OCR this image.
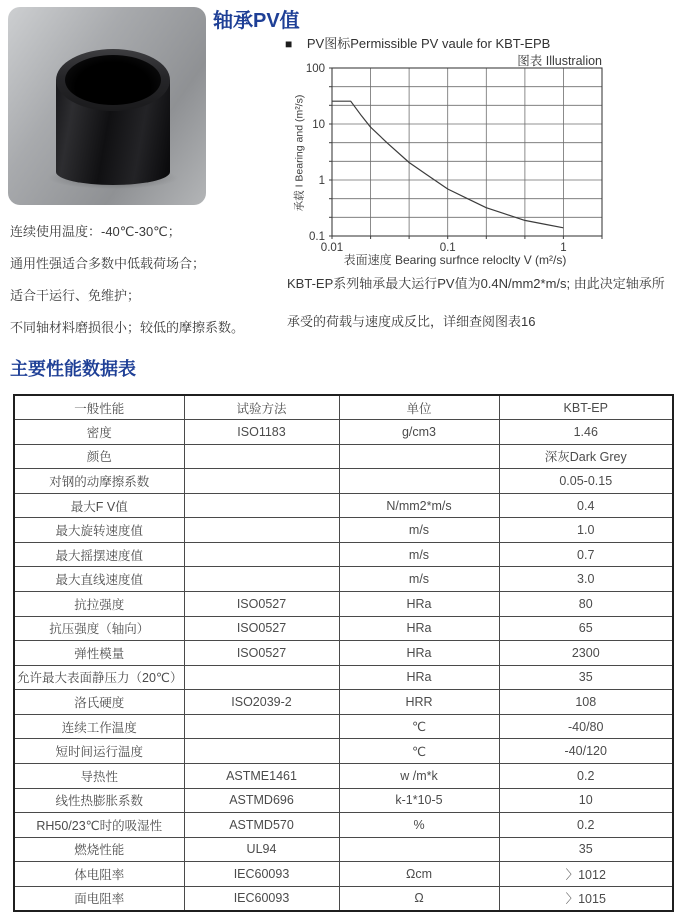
轴承PV值
■ PV图标Permissible PV vaule for KBT-EPB
图表 Illustralion
0.01	0.1	1
100
10
1
0.1
承载 I Bearing and (m²/s)
表面速度 Bearing surfnce reloclty V (m²/s)
KBT-EP系列轴承最大运行PV值为0.4N/mm2*m/s; 由此决定轴承所
承受的荷载与速度成反比，详细查阅图表16
连续使用温度：-40℃-30℃；
通用性强适合多数中低载荷场合；
适合干运行、免维护；
不同轴材料磨损很小；较低的摩擦系数。
主要性能数据表
一般性能	试验方法	单位	KBT-EP
密度	ISO1183	g/cm3	1.46
颜色			深灰Dark Grey
对钢的动摩擦系数			0.05-0.15
最大F V值		N/mm2*m/s	0.4
最大旋转速度值		m/s	1.0
最大摇摆速度值		m/s	0.7
最大直线速度值		m/s	3.0
抗拉强度	ISO0527	HRa	80
抗压强度（轴向）	ISO0527	HRa	65
弹性模量	ISO0527	HRa	2300
允许最大表面静压力（20℃）		HRa	35
洛氏硬度	ISO2039-2	HRR	108
连续工作温度		℃	-40/80
短时间运行温度		℃	-40/120
导热性	ASTME1461	w /m*k	0.2
线性热膨胀系数	ASTMD696	k-1*10-5	10
RH50/23℃时的吸湿性	ASTMD570	%	0.2
燃烧性能	UL94		35
体电阻率	IEC60093	Ωcm	〉1012
面电阻率	IEC60093	Ω	〉1015
